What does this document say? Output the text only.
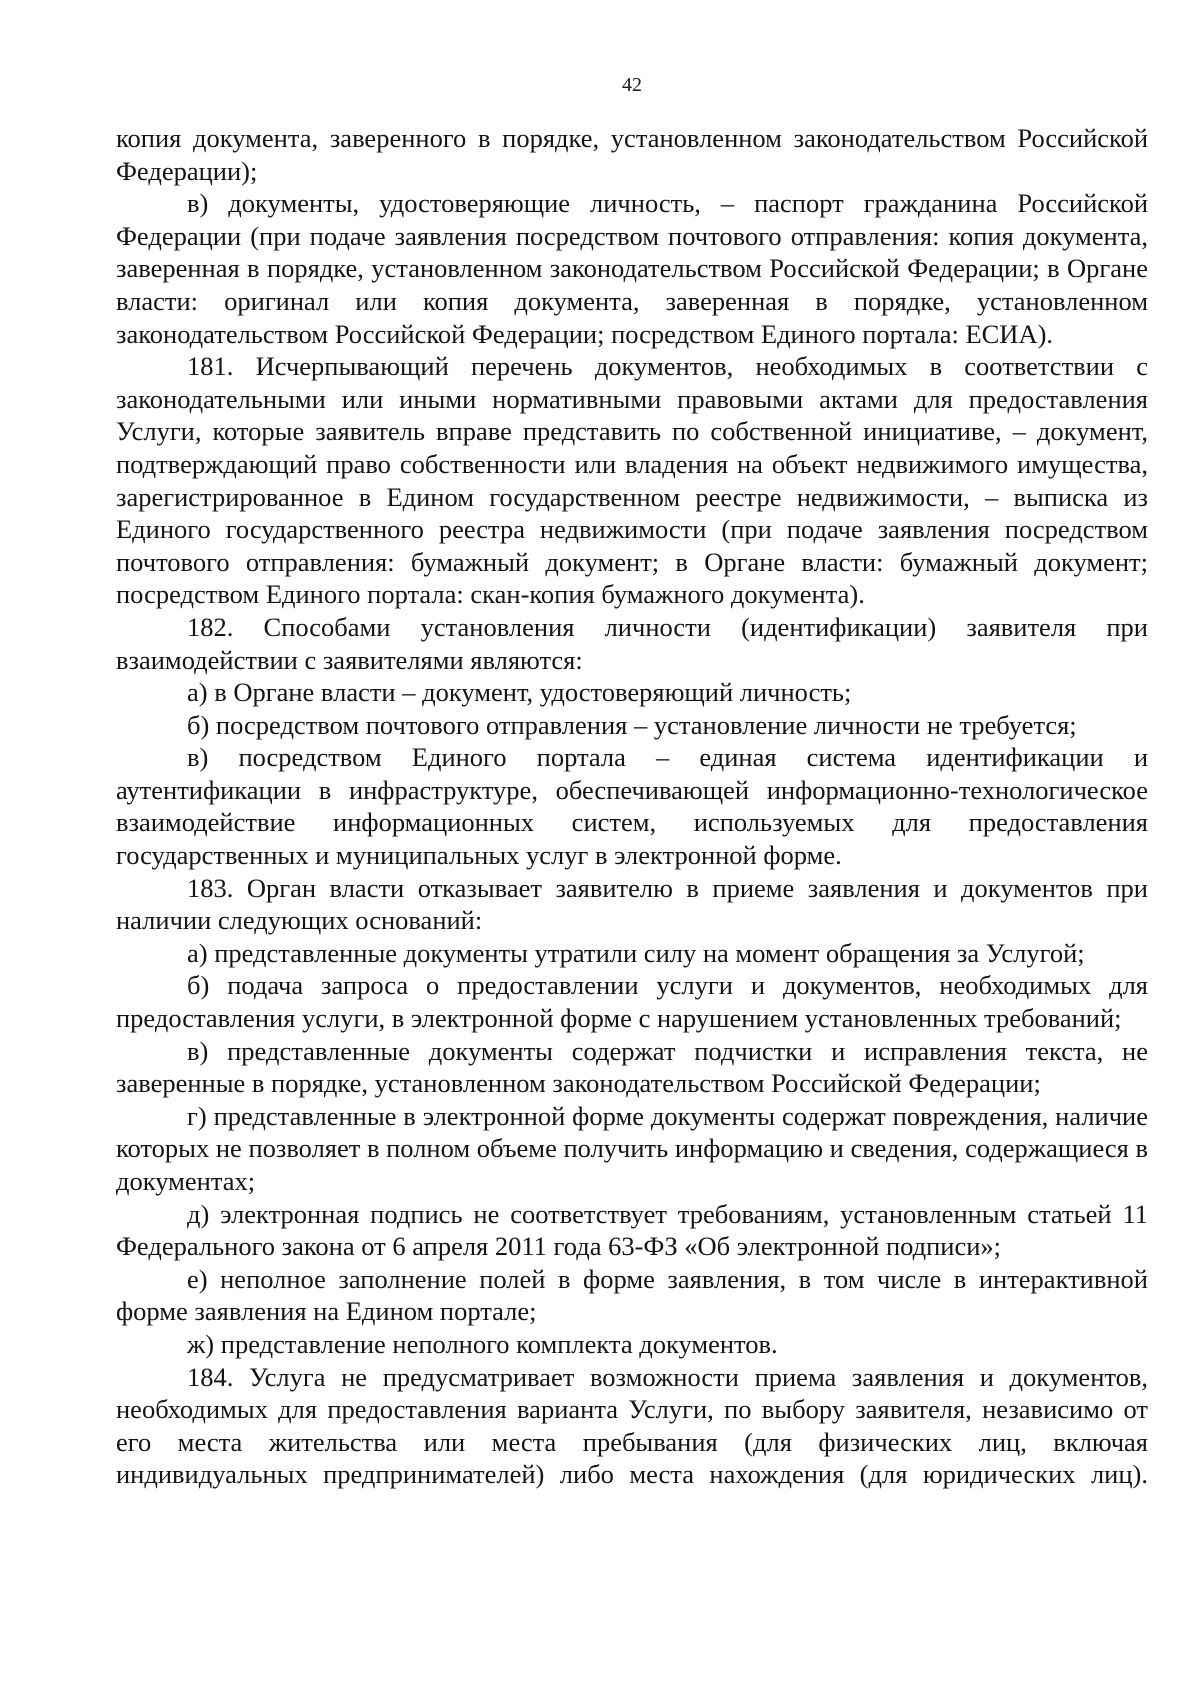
42

копия документа, заверенного в порядке, установленном законодательством Российской Федерации);

в) документы, удостоверяющие личность, – паспорт гражданина Российской Федерации (при подаче заявления посредством почтового отправления: копия документа, заверенная в порядке, установленном законодательством Российской Федерации; в Органе власти: оригинал или копия документа, заверенная в порядке, установленном законодательством Российской Федерации; посредством Единого портала: ЕСИА).

181. Исчерпывающий перечень документов, необходимых в соответствии с законодательными или иными нормативными правовыми актами для предоставления Услуги, которые заявитель вправе представить по собственной инициативе, – документ, подтверждающий право собственности или владения на объект недвижимого имущества, зарегистрированное в Едином государственном реестре недвижимости, – выписка из Единого государственного реестра недвижимости (при подаче заявления посредством почтового отправления: бумажный документ; в Органе власти: бумажный документ; посредством Единого портала: скан-копия бумажного документа).

182. Способами установления личности (идентификации) заявителя при взаимодействии с заявителями являются:

а) в Органе власти – документ, удостоверяющий личность;

б) посредством почтового отправления – установление личности не требуется;

в) посредством Единого портала – единая система идентификации и аутентификации в инфраструктуре, обеспечивающей информационно-технологическое взаимодействие информационных систем, используемых для предоставления государственных и муниципальных услуг в электронной форме.

183. Орган власти отказывает заявителю в приеме заявления и документов при наличии следующих оснований:

а) представленные документы утратили силу на момент обращения за Услугой;

б) подача запроса о предоставлении услуги и документов, необходимых для предоставления услуги, в электронной форме с нарушением установленных требований;

в) представленные документы содержат подчистки и исправления текста, не заверенные в порядке, установленном законодательством Российской Федерации;

г) представленные в электронной форме документы содержат повреждения, наличие которых не позволяет в полном объеме получить информацию и сведения, содержащиеся в документах;

д) электронная подпись не соответствует требованиям, установленным статьей 11 Федерального закона от 6 апреля 2011 года 63-ФЗ «Об электронной подписи»;

е) неполное заполнение полей в форме заявления, в том числе в интерактивной форме заявления на Едином портале;

ж) представление неполного комплекта документов.

184. Услуга не предусматривает возможности приема заявления и документов, необходимых для предоставления варианта Услуги, по выбору заявителя, независимо от его места жительства или места пребывания (для физических лиц, включая индивидуальных предпринимателей) либо места нахождения (для юридических лиц).
